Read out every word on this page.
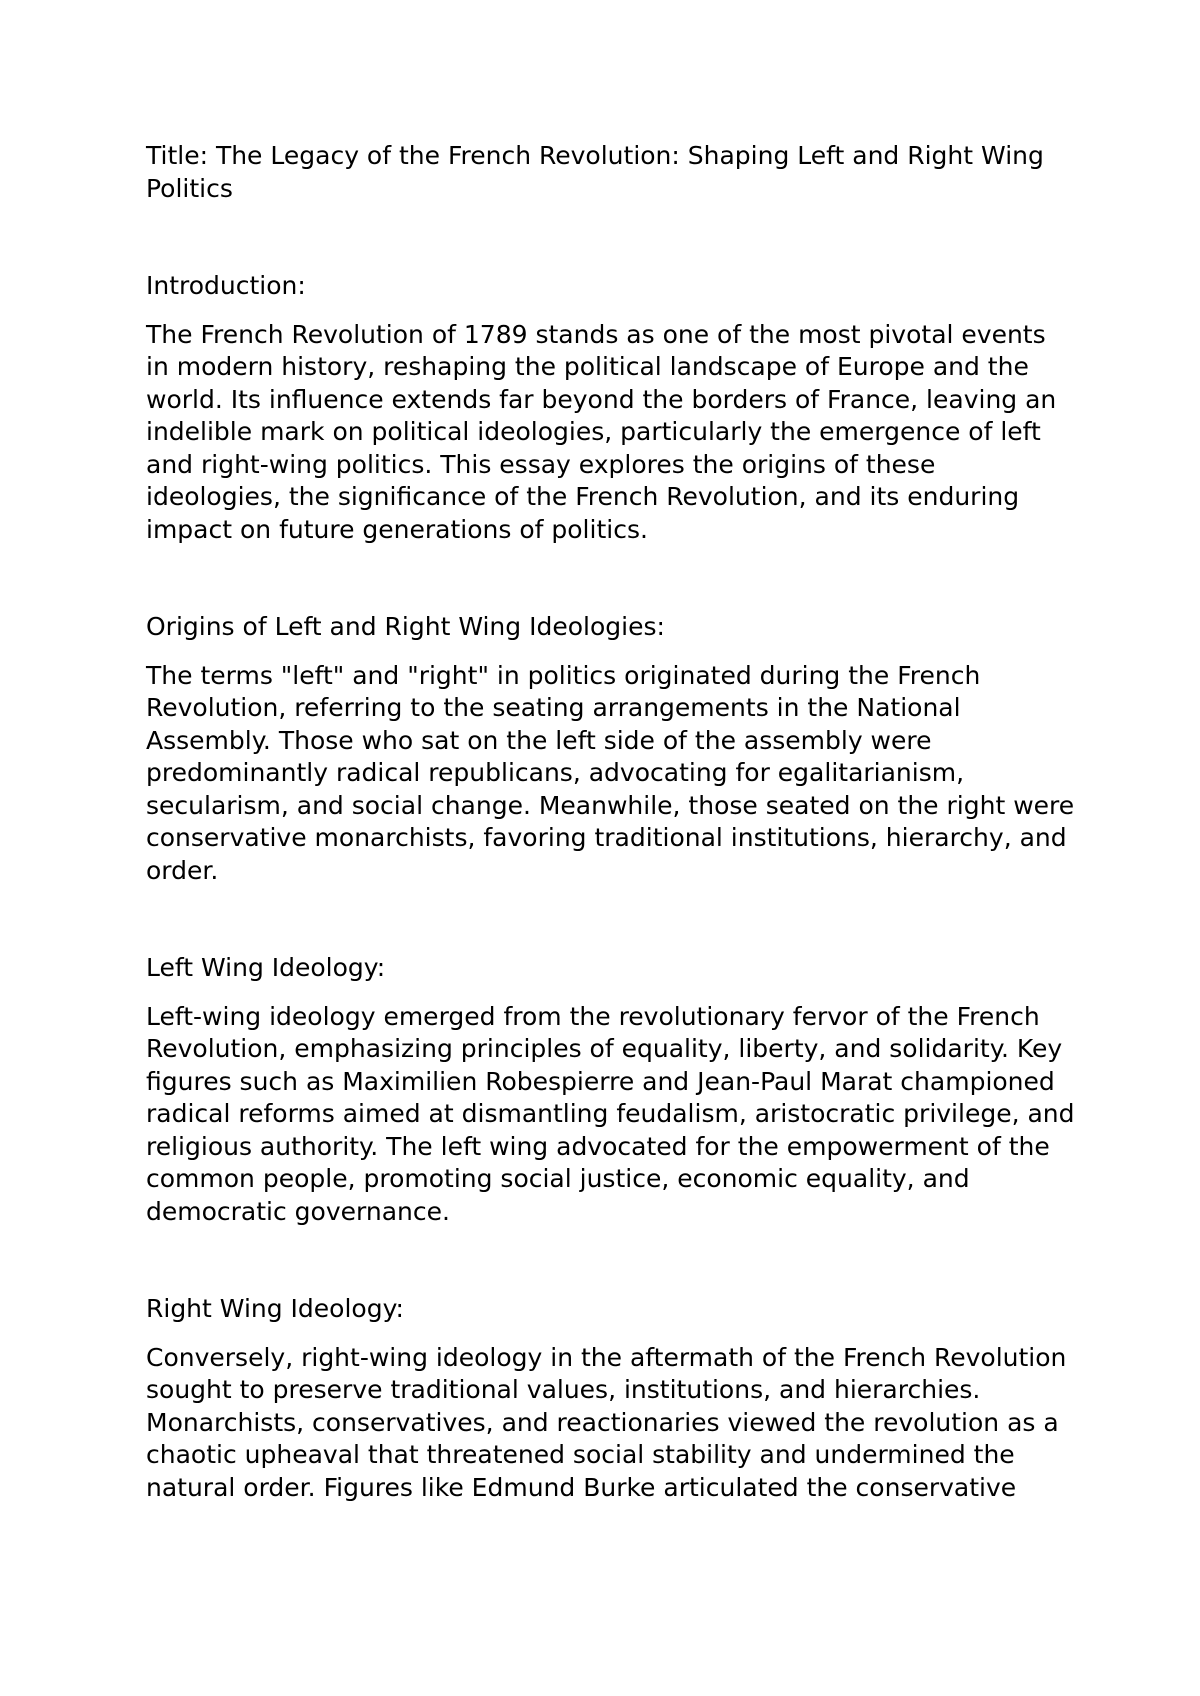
Title: The Legacy of the French Revolution: Shaping Left and Right Wing Politics

Introduction:

The French Revolution of 1789 stands as one of the most pivotal events in modern history, reshaping the political landscape of Europe and the world. Its influence extends far beyond the borders of France, leaving an indelible mark on political ideologies, particularly the emergence of left and right-wing politics. This essay explores the origins of these ideologies, the significance of the French Revolution, and its enduring impact on future generations of politics.

Origins of Left and Right Wing Ideologies:

The terms "left" and "right" in politics originated during the French Revolution, referring to the seating arrangements in the National Assembly. Those who sat on the left side of the assembly were predominantly radical republicans, advocating for egalitarianism, secularism, and social change. Meanwhile, those seated on the right were conservative monarchists, favoring traditional institutions, hierarchy, and order.

Left Wing Ideology:

Left-wing ideology emerged from the revolutionary fervor of the French Revolution, emphasizing principles of equality, liberty, and solidarity. Key figures such as Maximilien Robespierre and Jean-Paul Marat championed radical reforms aimed at dismantling feudalism, aristocratic privilege, and religious authority. The left wing advocated for the empowerment of the common people, promoting social justice, economic equality, and democratic governance.

Right Wing Ideology:

Conversely, right-wing ideology in the aftermath of the French Revolution sought to preserve traditional values, institutions, and hierarchies. Monarchists, conservatives, and reactionaries viewed the revolution as a chaotic upheaval that threatened social stability and undermined the natural order. Figures like Edmund Burke articulated the conservative
